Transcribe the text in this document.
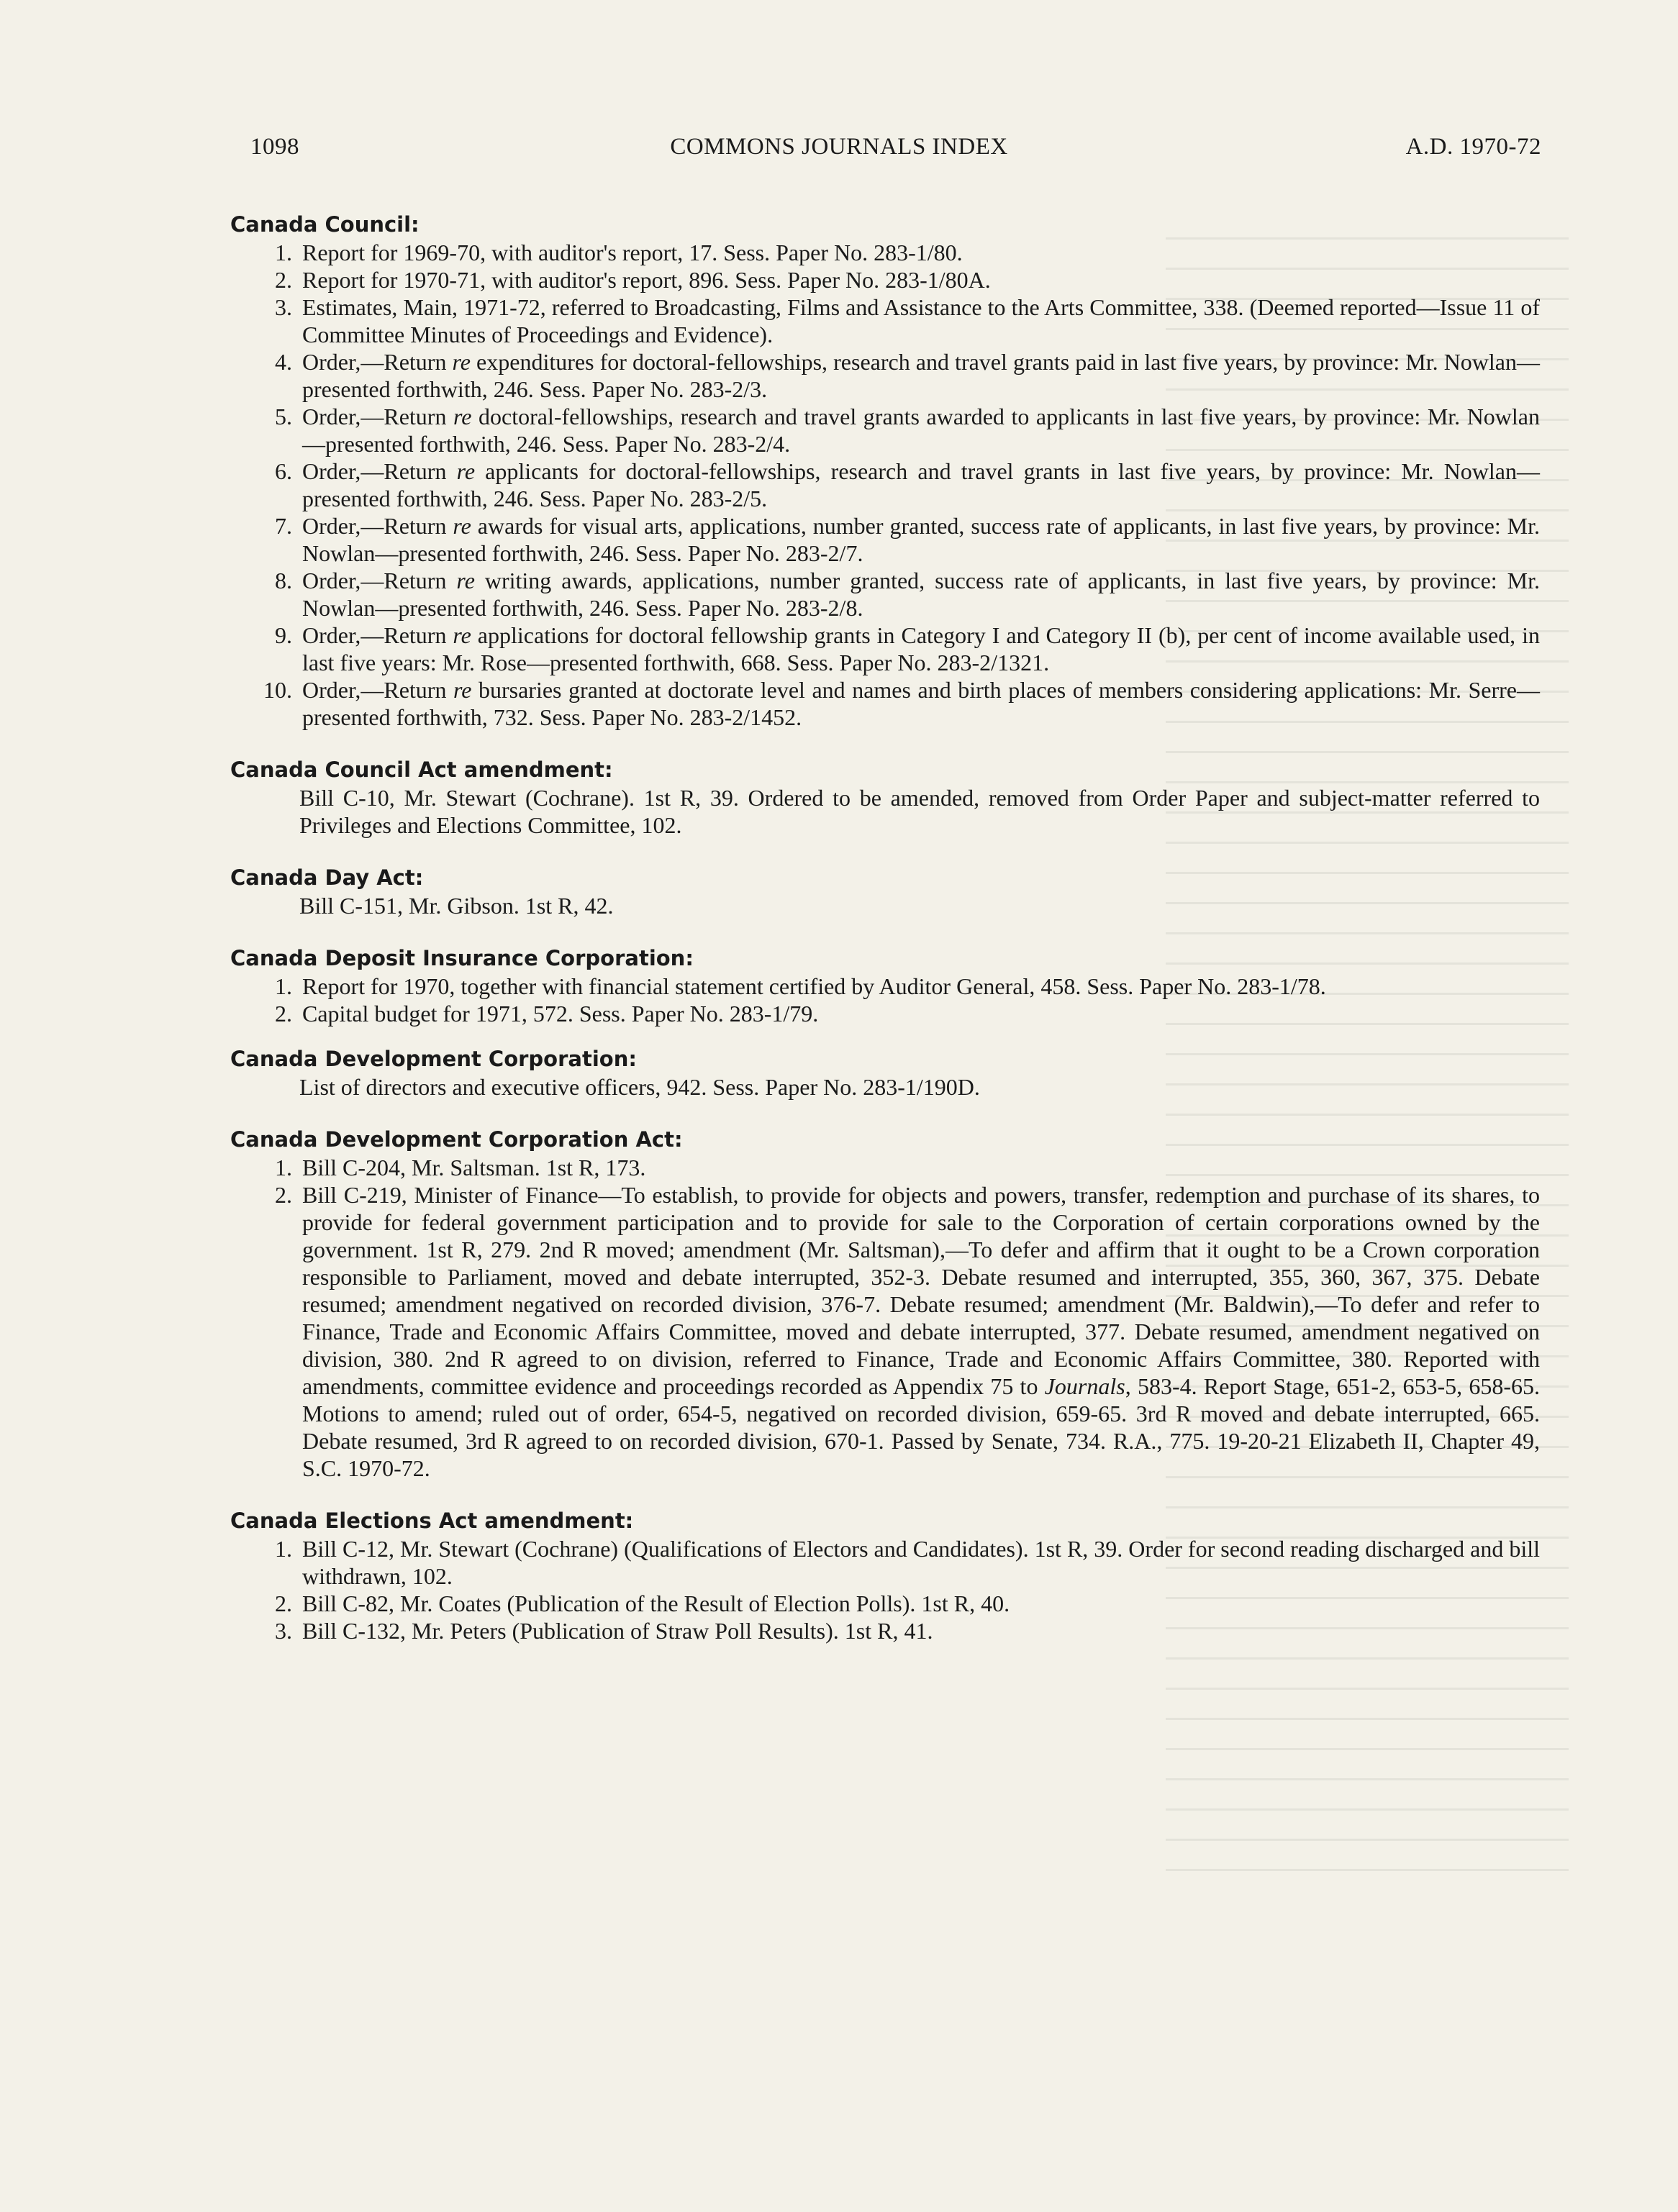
COMMONS JOURNALS INDEX
1098	A.D. 1970-72
Canada Council:
1. Report for 1969-70, with auditor's report, 17. Sess. Paper No. 283-1/80.
2. Report for 1970-71, with auditor's report, 896. Sess. Paper No. 283-1/80A.
3. Estimates, Main, 1971-72, referred to Broadcasting, Films and Assistance to the Arts Committee, 338. (Deemed reported—Issue 11 of Committee Minutes of Proceedings and Evidence).
4. Order,—Return re expenditures for doctoral-fellowships, research and travel grants paid in last five years, by province: Mr. Nowlan—presented forthwith, 246. Sess. Paper No. 283-2/3.
5. Order,—Return re doctoral-fellowships, research and travel grants awarded to applicants in last five years, by province: Mr. Nowlan—presented forthwith, 246. Sess. Paper No. 283-2/4.
6. Order,—Return re applicants for doctoral-fellowships, research and travel grants in last five years, by province: Mr. Nowlan—presented forthwith, 246. Sess. Paper No. 283-2/5.
7. Order,—Return re awards for visual arts, applications, number granted, success rate of applicants, in last five years, by province: Mr. Nowlan—presented forthwith, 246. Sess. Paper No. 283-2/7.
8. Order,—Return re writing awards, applications, number granted, success rate of applicants, in last five years, by province: Mr. Nowlan—presented forthwith, 246. Sess. Paper No. 283-2/8.
9. Order,—Return re applications for doctoral fellowship grants in Category I and Category II (b), per cent of income available used, in last five years: Mr. Rose—presented forthwith, 668. Sess. Paper No. 283-2/1321.
10. Order,—Return re bursaries granted at doctorate level and names and birth places of members considering applications: Mr. Serre—presented forthwith, 732. Sess. Paper No. 283-2/1452.
Canada Council Act amendment:
Bill C-10, Mr. Stewart (Cochrane). 1st R, 39. Ordered to be amended, removed from Order Paper and subject-matter referred to Privileges and Elections Committee, 102.
Canada Day Act:
Bill C-151, Mr. Gibson. 1st R, 42.
Canada Deposit Insurance Corporation:
1. Report for 1970, together with financial statement certified by Auditor General, 458. Sess. Paper No. 283-1/78.
2. Capital budget for 1971, 572. Sess. Paper No. 283-1/79.
Canada Development Corporation:
List of directors and executive officers, 942. Sess. Paper No. 283-1/190D.
Canada Development Corporation Act:
1. Bill C-204, Mr. Saltsman. 1st R, 173.
2. Bill C-219, Minister of Finance—To establish, to provide for objects and powers, transfer, redemption and purchase of its shares, to provide for federal government participation and to provide for sale to the Corporation of certain corporations owned by the government. 1st R, 279. 2nd R moved; amendment (Mr. Saltsman),—To defer and affirm that it ought to be a Crown corporation responsible to Parliament, moved and debate interrupted, 352-3. Debate resumed and interrupted, 355, 360, 367, 375. Debate resumed; amendment negatived on recorded division, 376-7. Debate resumed; amendment (Mr. Baldwin),—To defer and refer to Finance, Trade and Economic Affairs Committee, moved and debate interrupted, 377. Debate resumed, amendment negatived on division, 380. 2nd R agreed to on division, referred to Finance, Trade and Economic Affairs Committee, 380. Reported with amendments, committee evidence and proceedings recorded as Appendix 75 to Journals, 583-4. Report Stage, 651-2, 653-5, 658-65. Motions to amend; ruled out of order, 654-5, negatived on recorded division, 659-65. 3rd R moved and debate interrupted, 665. Debate resumed, 3rd R agreed to on recorded division, 670-1. Passed by Senate, 734. R.A., 775. 19-20-21 Elizabeth II, Chapter 49, S.C. 1970-72.
Canada Elections Act amendment:
1. Bill C-12, Mr. Stewart (Cochrane) (Qualifications of Electors and Candidates). 1st R, 39. Order for second reading discharged and bill withdrawn, 102.
2. Bill C-82, Mr. Coates (Publication of the Result of Election Polls). 1st R, 40.
3. Bill C-132, Mr. Peters (Publication of Straw Poll Results). 1st R, 41.
